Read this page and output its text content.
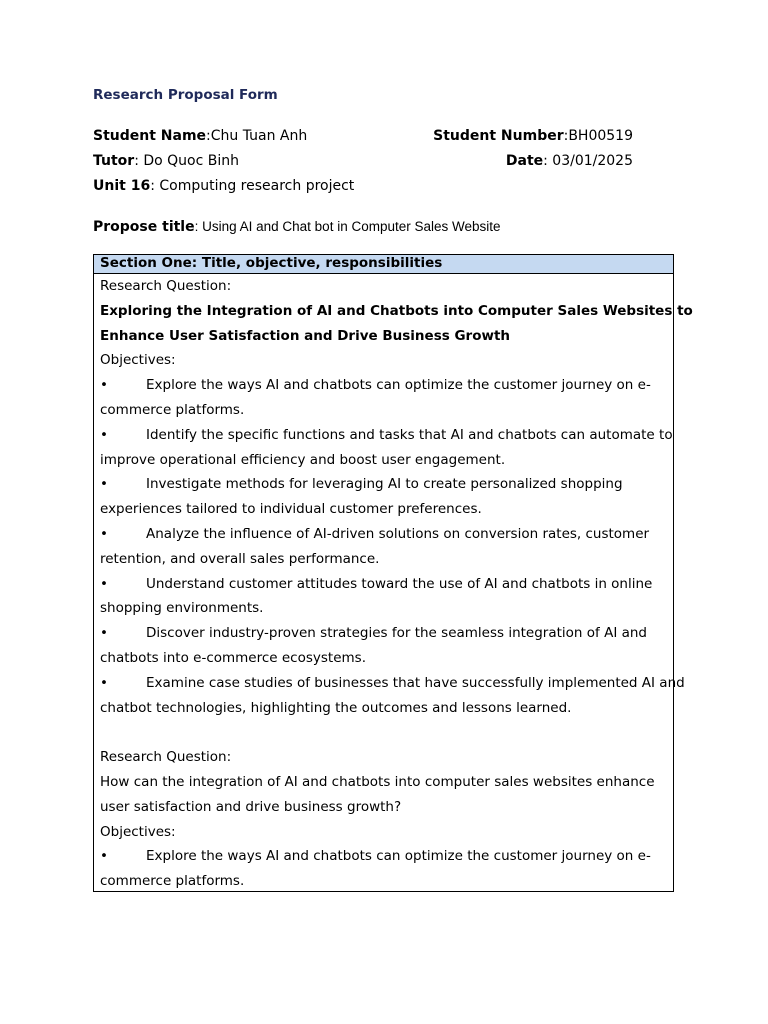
Research Proposal Form
Student Name:Chu Tuan Anh	Student Number:BH00519
Tutor: Do Quoc Binh	Date: 03/01/2025
Unit 16: Computing research project
Propose title: Using AI and Chat bot in Computer Sales Website
Section One: Title, objective, responsibilities
Research Question:
Exploring the Integration of AI and Chatbots into Computer Sales Websites to
Enhance User Satisfaction and Drive Business Growth
Objectives:
•	Explore the ways AI and chatbots can optimize the customer journey on e-
commerce platforms.
•	Identify the specific functions and tasks that AI and chatbots can automate to
improve operational efficiency and boost user engagement.
•	Investigate methods for leveraging AI to create personalized shopping
experiences tailored to individual customer preferences.
•	Analyze the influence of AI-driven solutions on conversion rates, customer
retention, and overall sales performance.
•	Understand customer attitudes toward the use of AI and chatbots in online
shopping environments.
•	Discover industry-proven strategies for the seamless integration of AI and
chatbots into e-commerce ecosystems.
•	Examine case studies of businesses that have successfully implemented AI and
chatbot technologies, highlighting the outcomes and lessons learned.
Research Question:
How can the integration of AI and chatbots into computer sales websites enhance
user satisfaction and drive business growth?
Objectives:
•	Explore the ways AI and chatbots can optimize the customer journey on e-
commerce platforms.
